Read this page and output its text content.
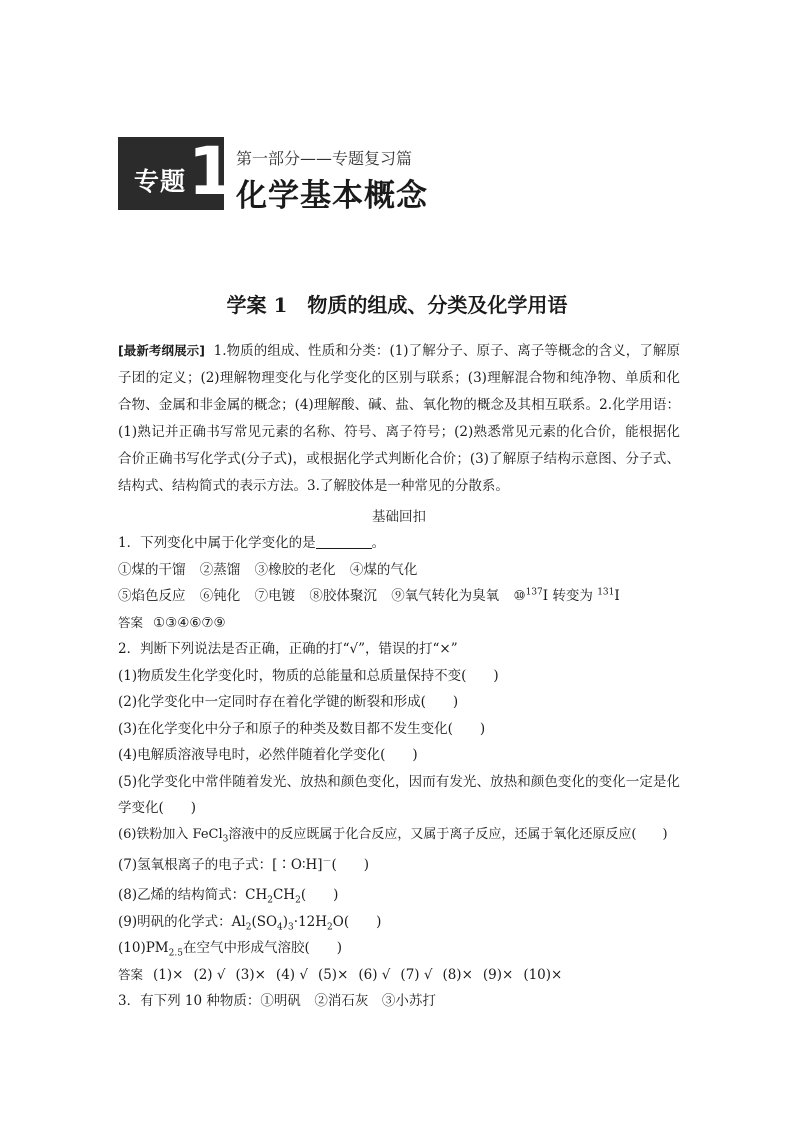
专题 1 第一部分——专题复习篇
化学基本概念
学案 1　物质的组成、分类及化学用语

[最新考纲展示] 1.物质的组成、性质和分类：(1)了解分子、原子、离子等概念的含义，了解原子团的定义；(2)理解物理变化与化学变化的区别与联系；(3)理解混合物和纯净物、单质和化合物、金属和非金属的概念；(4)理解酸、碱、盐、氧化物的概念及其相互联系。2.化学用语：(1)熟记并正确书写常见元素的名称、符号、离子符号；(2)熟悉常见元素的化合价，能根据化合价正确书写化学式(分子式)，或根据化学式判断化合价；(3)了解原子结构示意图、分子式、结构式、结构简式的表示方法。3.了解胶体是一种常见的分散系。

基础回扣

1．下列变化中属于化学变化的是	。

①煤的干馏 ②蒸馏 ③橡胶的老化 ④煤的气化

⑤焰色反应 ⑥钝化 ⑦电镀 ⑧胶体聚沉 ⑨氧气转化为臭氧 ⑩$^{137}$I 转变为 $^{131}$I

答案 ①③④⑥⑦⑨

2．判断下列说法是否正确，正确的打“√”，错误的打“×”

(1)物质发生化学变化时，物质的总能量和总质量保持不变(　　)

(2)化学变化中一定同时存在着化学键的断裂和形成(　　)

(3)在化学变化中分子和原子的种类及数目都不发生变化(　　)

(4)电解质溶液导电时，必然伴随着化学变化(　　)

(5)化学变化中常伴随着发光、放热和颜色变化，因而有发光、放热和颜色变化的变化一定是化学变化(　　)

(6)铁粉加入 FeCl$_3$溶液中的反应既属于化合反应，又属于离子反应，还属于氧化还原反应(　　)

(7)氢氧根离子的电子式：[∶O∶H]－(　　)

(8)乙烯的结构简式：$CH_2CH_2$(　　)

(9)明矾的化学式：$Al_2(SO_4)_3\cdot 12H_2O$(　　)

$(10)PM_{2.5}$在空气中形成气溶胶(　　)

答案 (1)× (2) √ (3)× (4) √ (5)× (6) √ (7) √ (8)× (9)× (10)×

3．有下列 10 种物质：①明矾　②消石灰　③小苏打
